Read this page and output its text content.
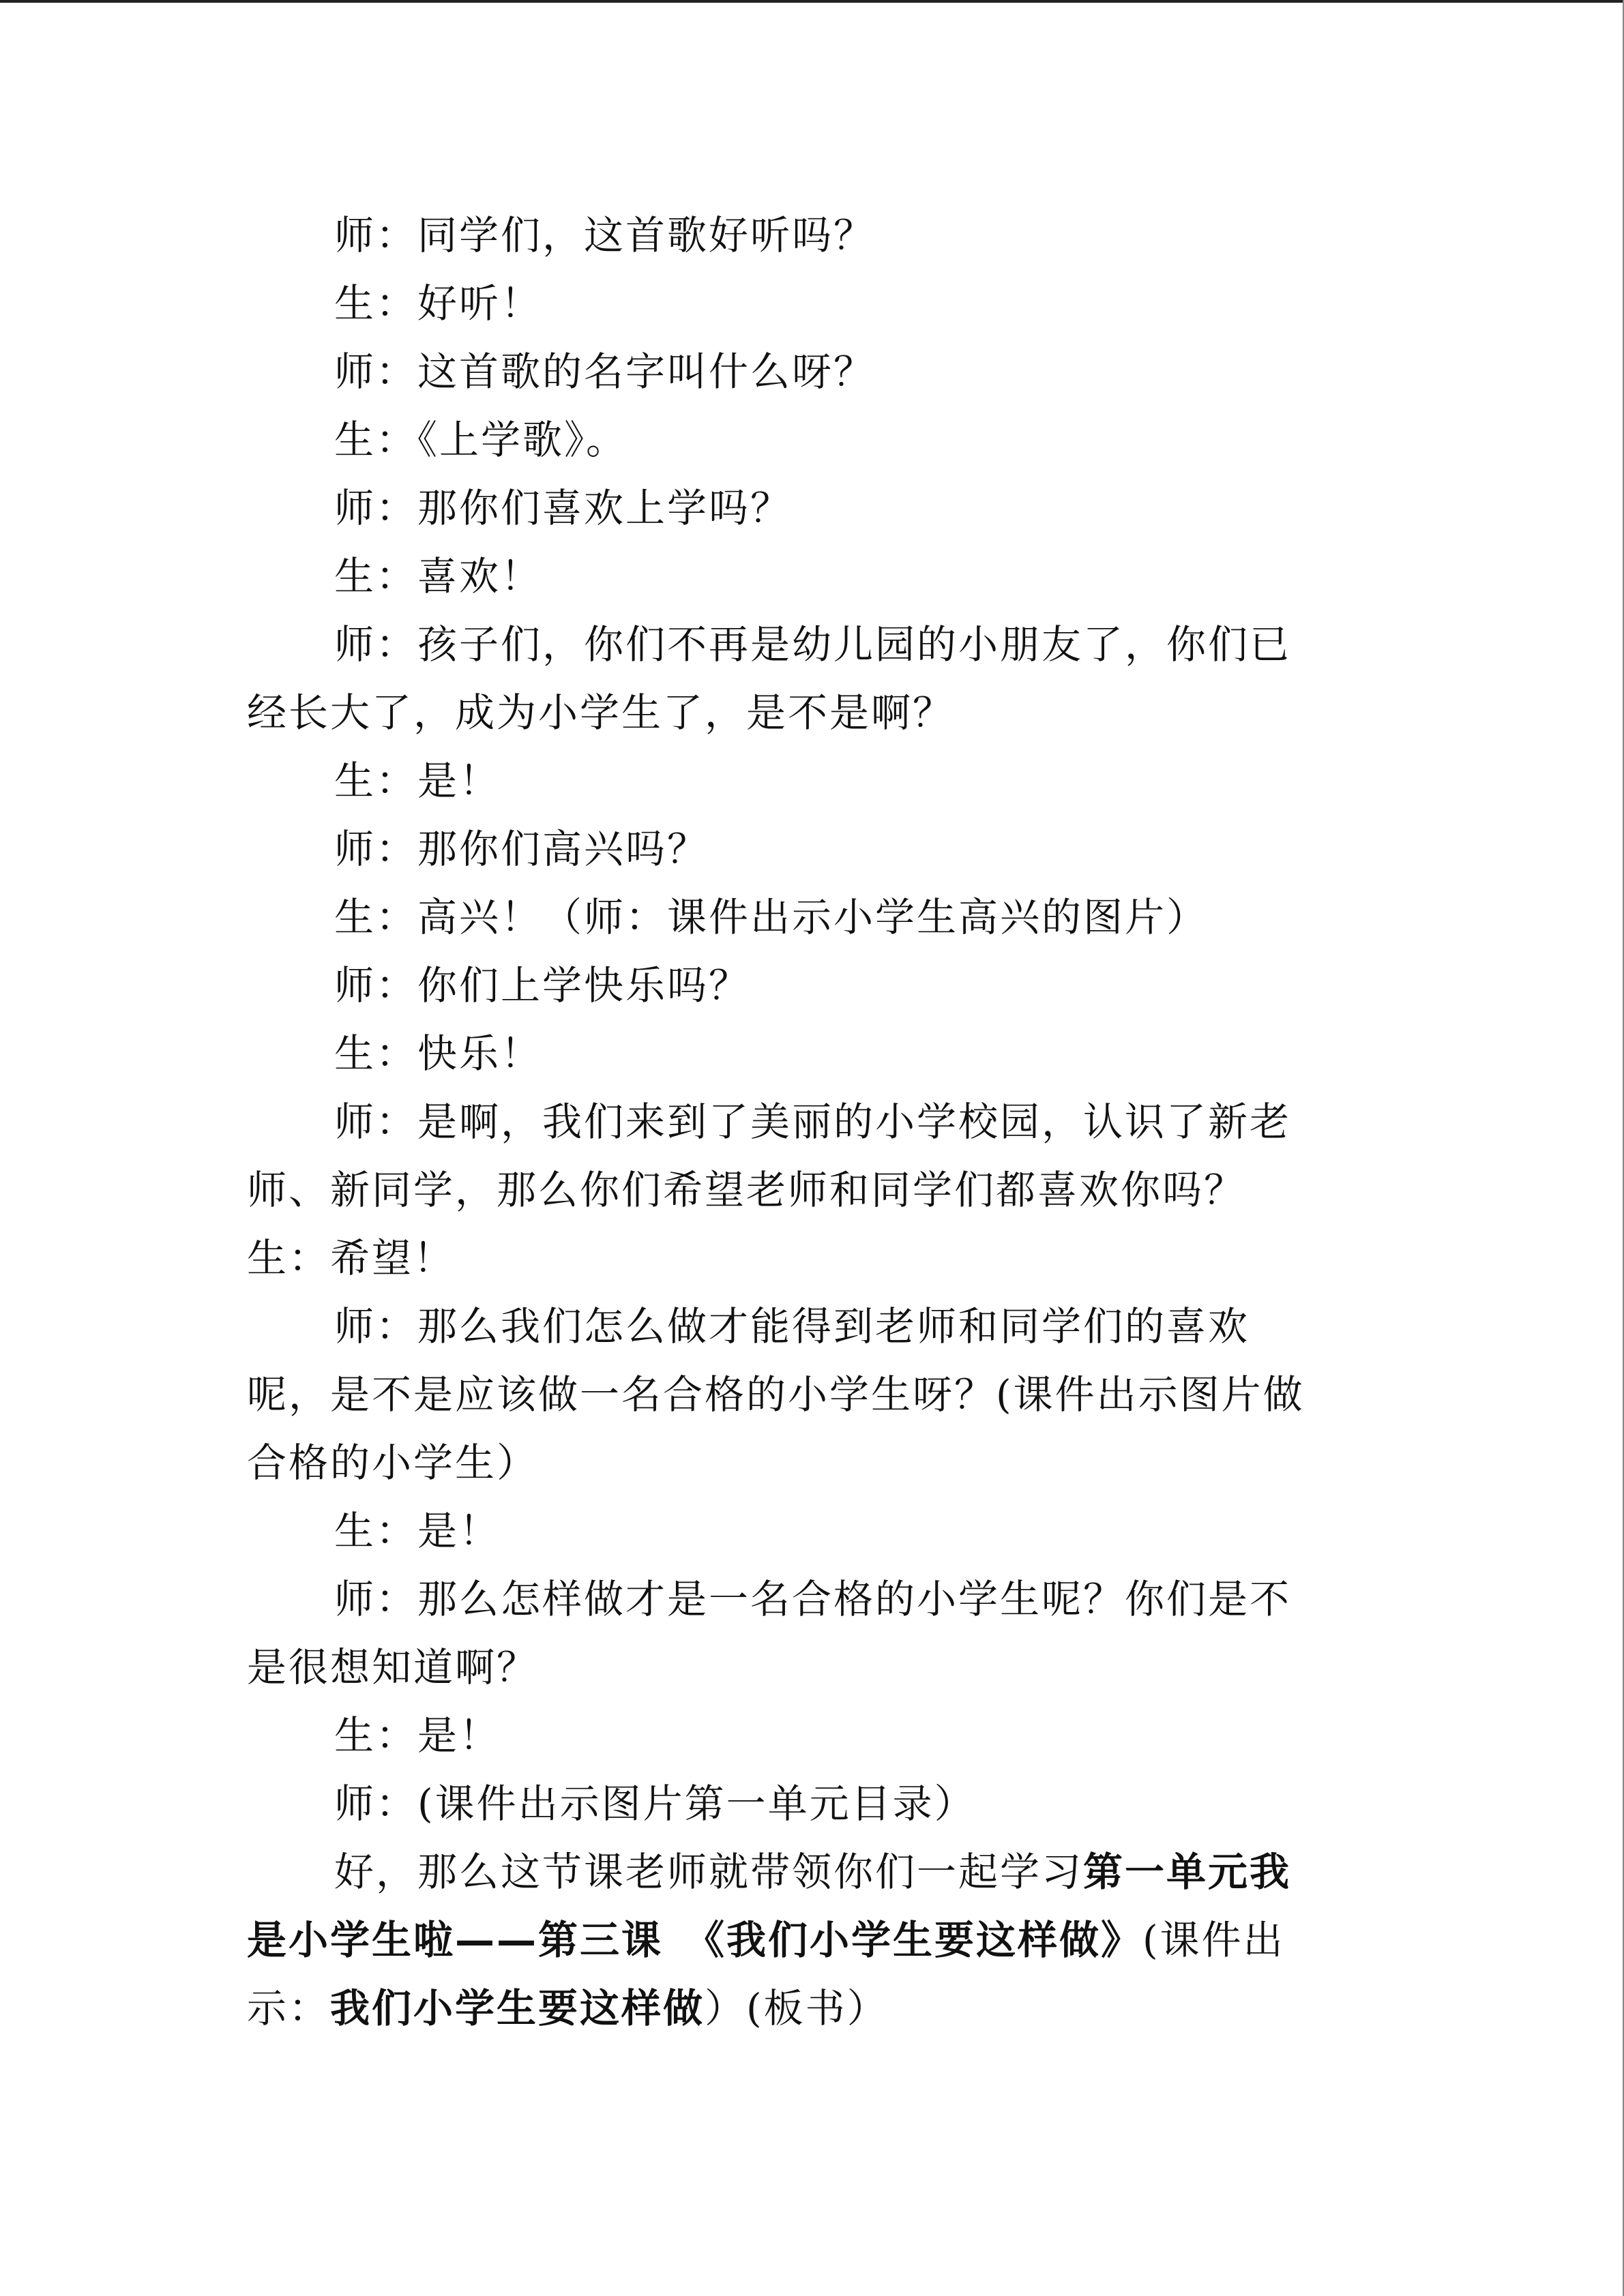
师：同学们，这首歌好听吗？

生：好听！

师：这首歌的名字叫什么呀？

生：《上学歌》。

师：那你们喜欢上学吗？

生：喜欢！

师：孩子们，你们不再是幼儿园的小朋友了，你们已

经长大了，成为小学生了，是不是啊？

生：是！

师：那你们高兴吗？

生：高兴！（师：课件出示小学生高兴的图片）

师：你们上学快乐吗？

生：快乐！

师：是啊，我们来到了美丽的小学校园，认识了新老

师、新同学，那么你们希望老师和同学们都喜欢你吗？

生：希望！

师：那么我们怎么做才能得到老师和同学们的喜欢

呢，是不是应该做一名合格的小学生呀？(课件出示图片做

合格的小学生）

生：是！

师：那么怎样做才是一名合格的小学生呢？你们是不

是很想知道啊？

生：是！

师：(课件出示图片第一单元目录）

好，那么这节课老师就带领你们一起学习第一单元我

是小学生啦——第三课　《我们小学生要这样做》(课件出

示：我们小学生要这样做）(板书）
